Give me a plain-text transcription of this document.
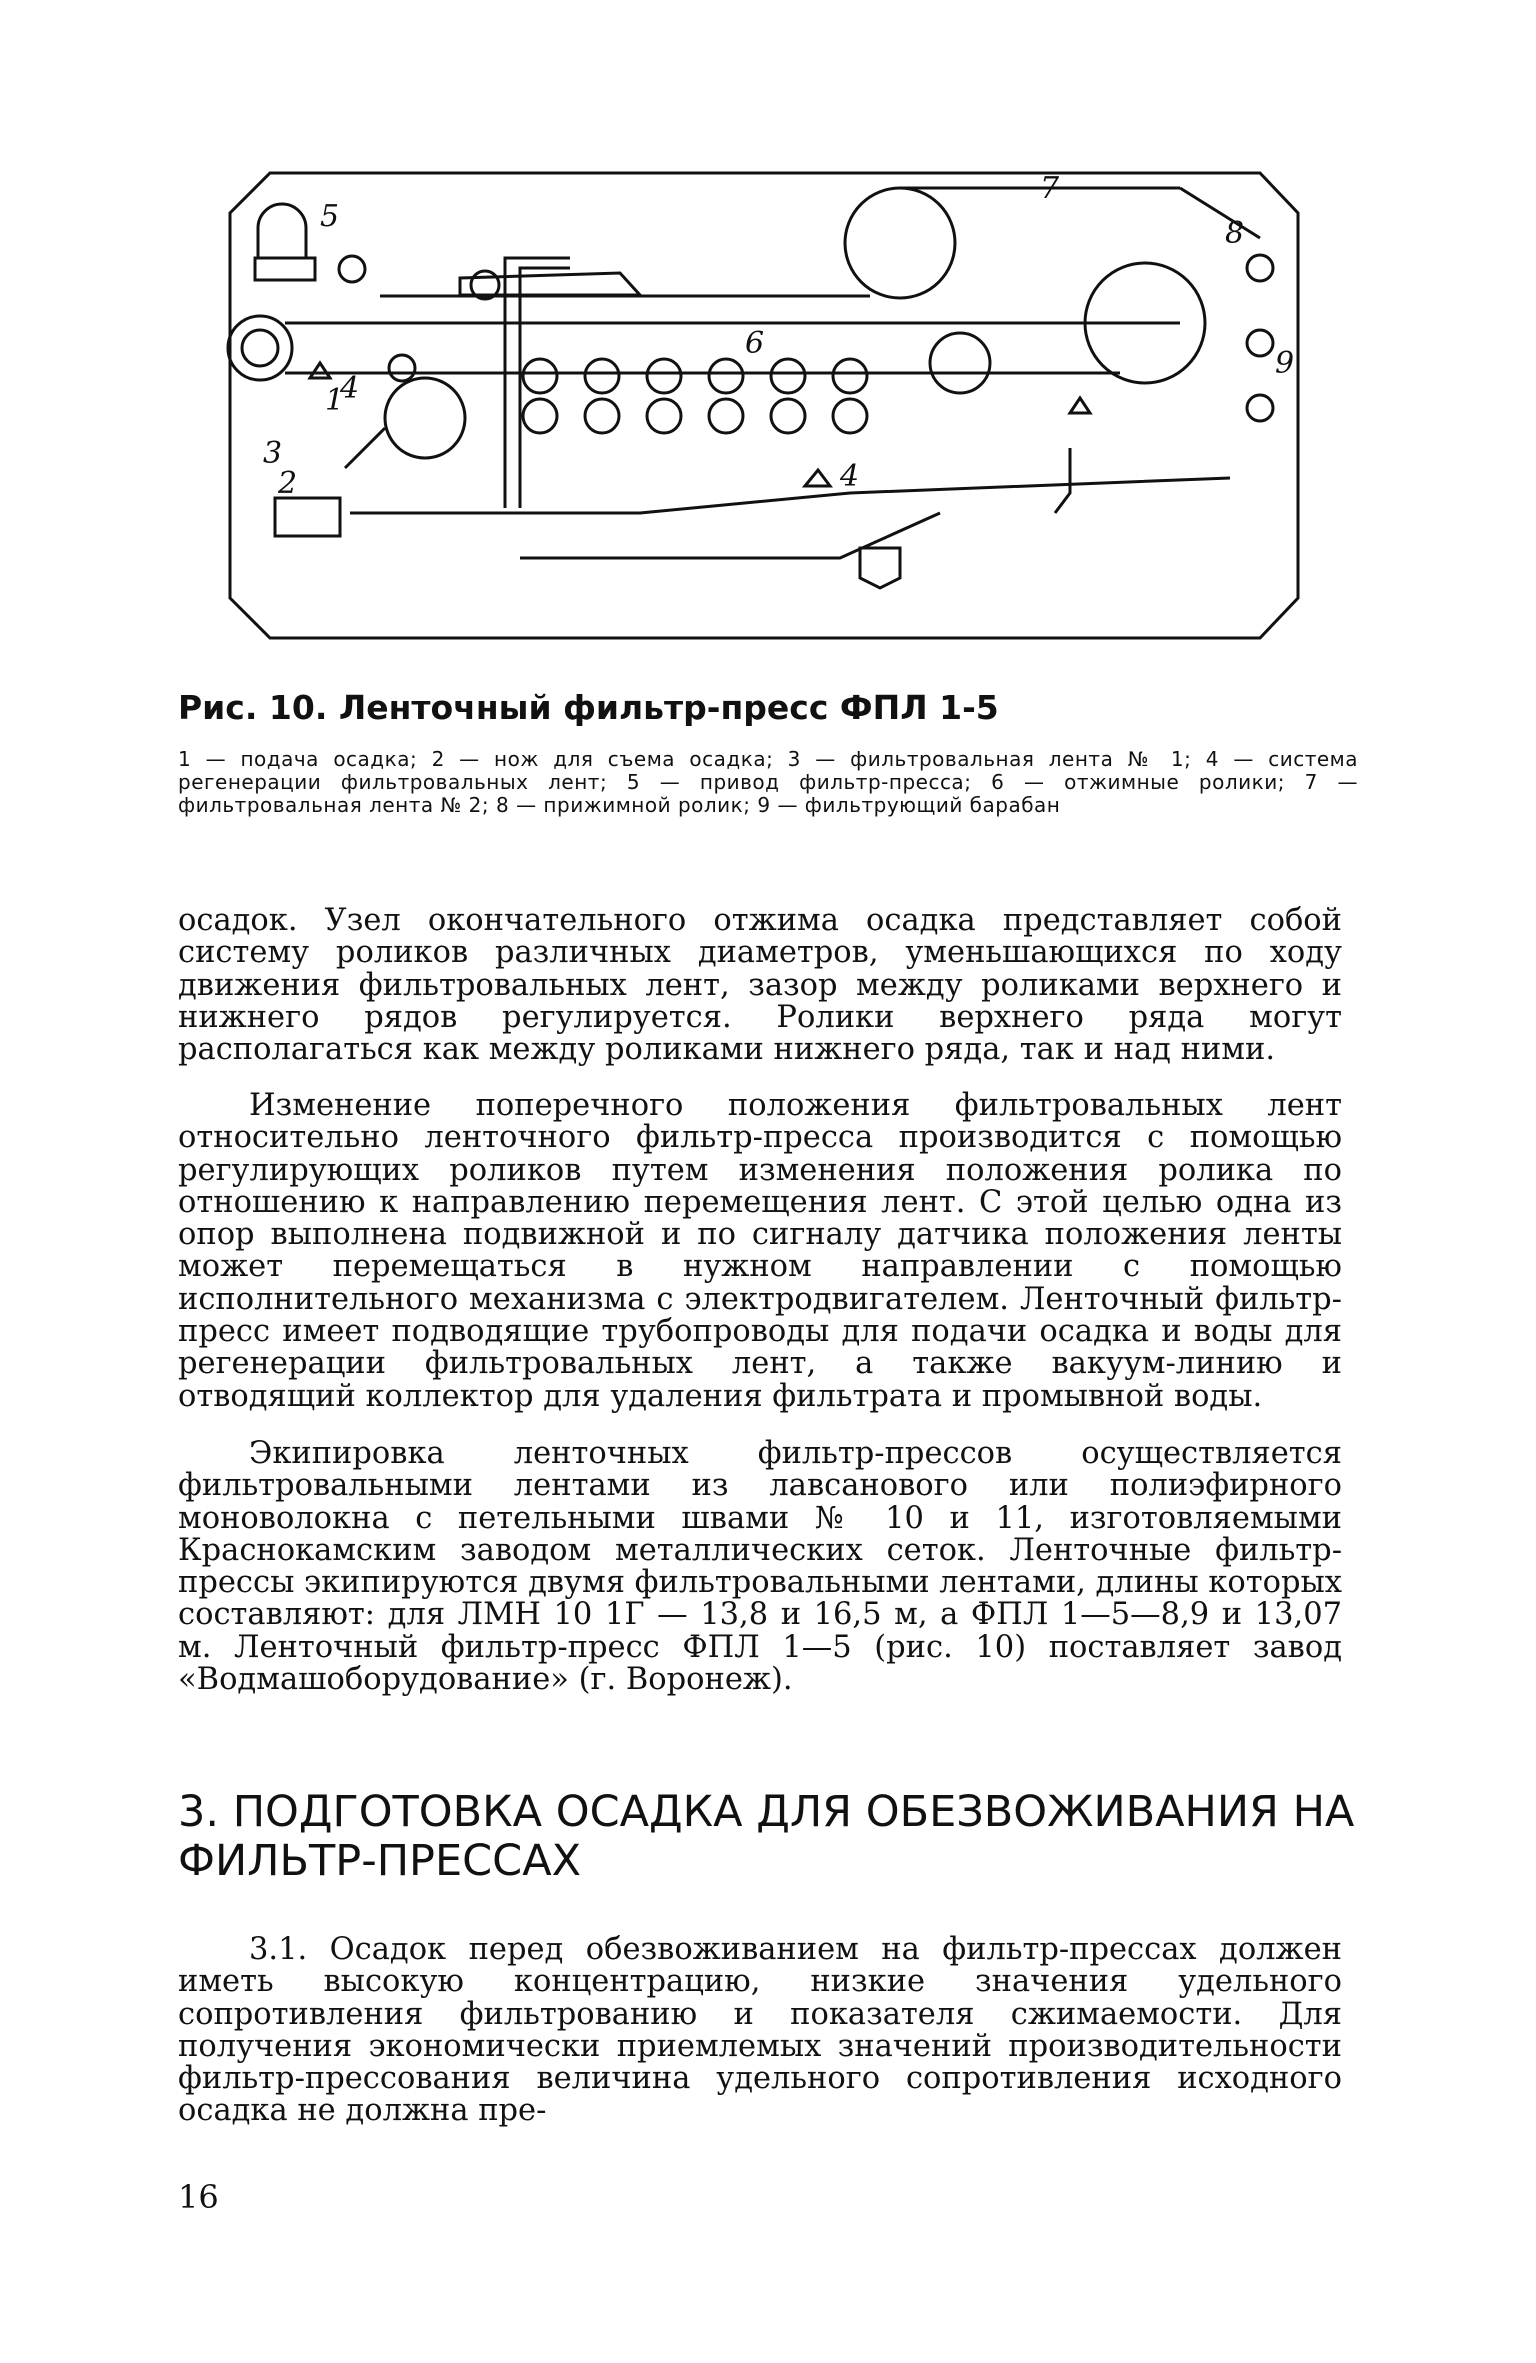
1
2
3
4
4
5
6
7
8
9
Рис. 10. Ленточный фильтр-пресс ФПЛ 1-5
1 — подача осадка; 2 — нож для съема осадка; 3 — фильтровальная лента № 1; 4 — система регенерации фильтровальных лент; 5 — привод фильтр-пресса; 6 — отжимные ролики; 7 — фильтровальная лента № 2; 8 — прижимной ролик; 9 — фильтрующий барабан

осадок. Узел окончательного отжима осадка представляет собой систему роликов различных диаметров, уменьшающихся по ходу движения фильтровальных лент, зазор между роликами верхнего и нижнего рядов регулируется. Ролики верхнего ряда могут располагаться как между роликами нижнего ряда, так и над ними.

Изменение поперечного положения фильтровальных лент относительно ленточного фильтр-пресса производится с помощью регулирующих роликов путем изменения положения ролика по отношению к направлению перемещения лент. С этой целью одна из опор выполнена подвижной и по сигналу датчика положения ленты может перемещаться в нужном направлении с помощью исполнительного механизма с электродвигателем. Ленточный фильтр-пресс имеет подводящие трубопроводы для подачи осадка и воды для регенерации фильтровальных лент, а также вакуум-линию и отводящий коллектор для удаления фильтрата и промывной воды.

Экипировка ленточных фильтр-прессов осуществляется фильтровальными лентами из лавсанового или полиэфирного моноволокна с петельными швами № 10 и 11, изготовляемыми Краснокамским заводом металлических сеток. Ленточные фильтр-прессы экипируются двумя фильтровальными лентами, длины которых составляют: для ЛМН 10 1Г — 13,8 и 16,5 м, а ФПЛ 1—5—8,9 и 13,07 м. Ленточный фильтр-пресс ФПЛ 1—5 (рис. 10) поставляет завод «Водмашоборудование» (г. Воронеж).

3. ПОДГОТОВКА ОСАДКА ДЛЯ ОБЕЗВОЖИВАНИЯ НА ФИЛЬТР-ПРЕССАХ

3.1. Осадок перед обезвоживанием на фильтр-прессах должен иметь высокую концентрацию, низкие значения удельного сопротивления фильтрованию и показателя сжимаемости. Для получения экономически приемлемых значений производительности фильтр-прессования величина удельного сопротивления исходного осадка не должна пре-

16
